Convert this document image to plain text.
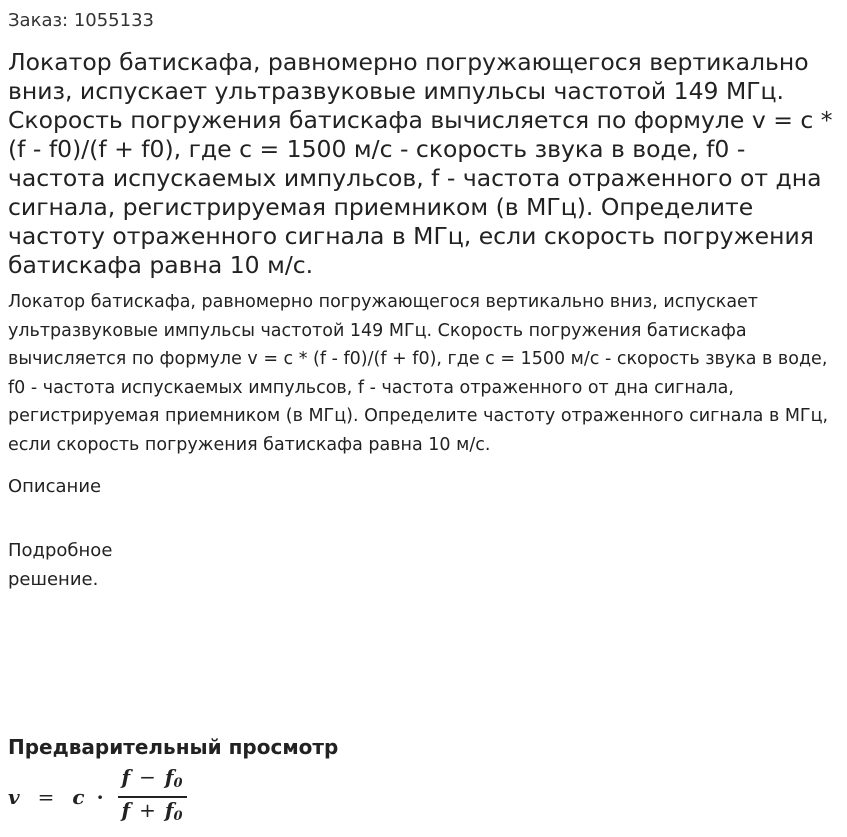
Заказ: 1055133
Локатор батискафа, равномерно погружающегося вертикально вниз, испускает ультразвуковые импульсы частотой 149 МГц. Скорость погружения батискафа вычисляется по формуле v = c * (f - f0)/(f + f0), где с = 1500 м/с - скорость звука в воде, f0 - частота испускаемых импульсов, f - частота отраженного от дна сигнала, регистрируемая приемником (в МГц). Определите частоту отраженного сигнала в МГц, если скорость погружения батискафа равна 10 м/с.

Локатор батискафа, равномерно погружающегося вертикально вниз, испускает ультразвуковые импульсы частотой 149 МГц. Скорость погружения батискафа вычисляется по формуле v = c * (f - f0)/(f + f0), где с = 1500 м/с - скорость звука в воде, f0 - частота испускаемых импульсов, f - частота отраженного от дна сигнала, регистрируемая приемником (в МГц). Определите частоту отраженного сигнала в МГц, если скорость погружения батискафа равна 10 м/с.

Описание
Подробное решение.
Предварительный просмотр
$v = c \cdot \frac{f - f_0}{f + f_0}$
